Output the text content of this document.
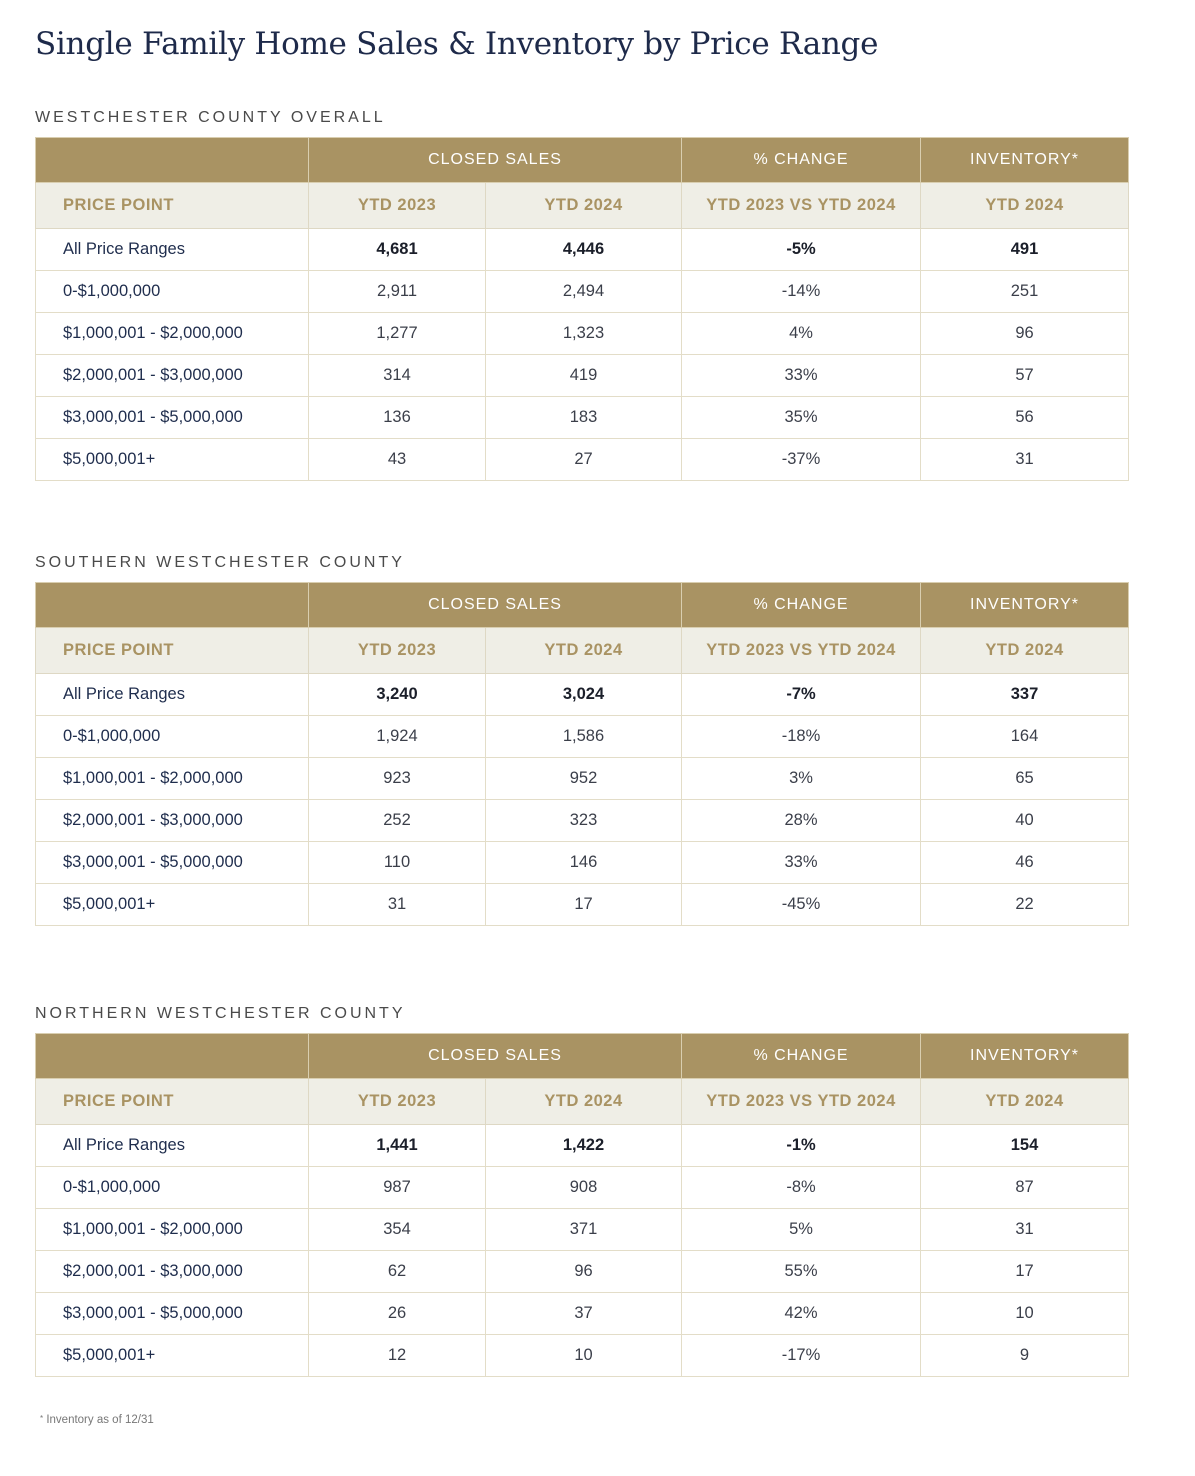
Single Family Home Sales & Inventory by Price Range
WESTCHESTER COUNTY OVERALL
	CLOSED SALES		% CHANGE	INVENTORY*
PRICE POINT	YTD 2023	YTD 2024	YTD 2023 VS YTD 2024	YTD 2024
All Price Ranges	4,681	4,446	-5%	491
0-$1,000,000	2,911	2,494	-14%	251
$1,000,001 - $2,000,000	1,277	1,323	4%	96
$2,000,001 - $3,000,000	314	419	33%	57
$3,000,001 - $5,000,000	136	183	35%	56
$5,000,001+	43	27	-37%	31
SOUTHERN WESTCHESTER COUNTY
	CLOSED SALES		% CHANGE	INVENTORY*
PRICE POINT	YTD 2023	YTD 2024	YTD 2023 VS YTD 2024	YTD 2024
All Price Ranges	3,240	3,024	-7%	337
0-$1,000,000	1,924	1,586	-18%	164
$1,000,001 - $2,000,000	923	952	3%	65
$2,000,001 - $3,000,000	252	323	28%	40
$3,000,001 - $5,000,000	110	146	33%	46
$5,000,001+	31	17	-45%	22
NORTHERN WESTCHESTER COUNTY
	CLOSED SALES		% CHANGE	INVENTORY*
PRICE POINT	YTD 2023	YTD 2024	YTD 2023 VS YTD 2024	YTD 2024
All Price Ranges	1,441	1,422	-1%	154
0-$1,000,000	987	908	-8%	87
$1,000,001 - $2,000,000	354	371	5%	31
$2,000,001 - $3,000,000	62	96	55%	17
$3,000,001 - $5,000,000	26	37	42%	10
$5,000,001+	12	10	-17%	9
* Inventory as of 12/31
